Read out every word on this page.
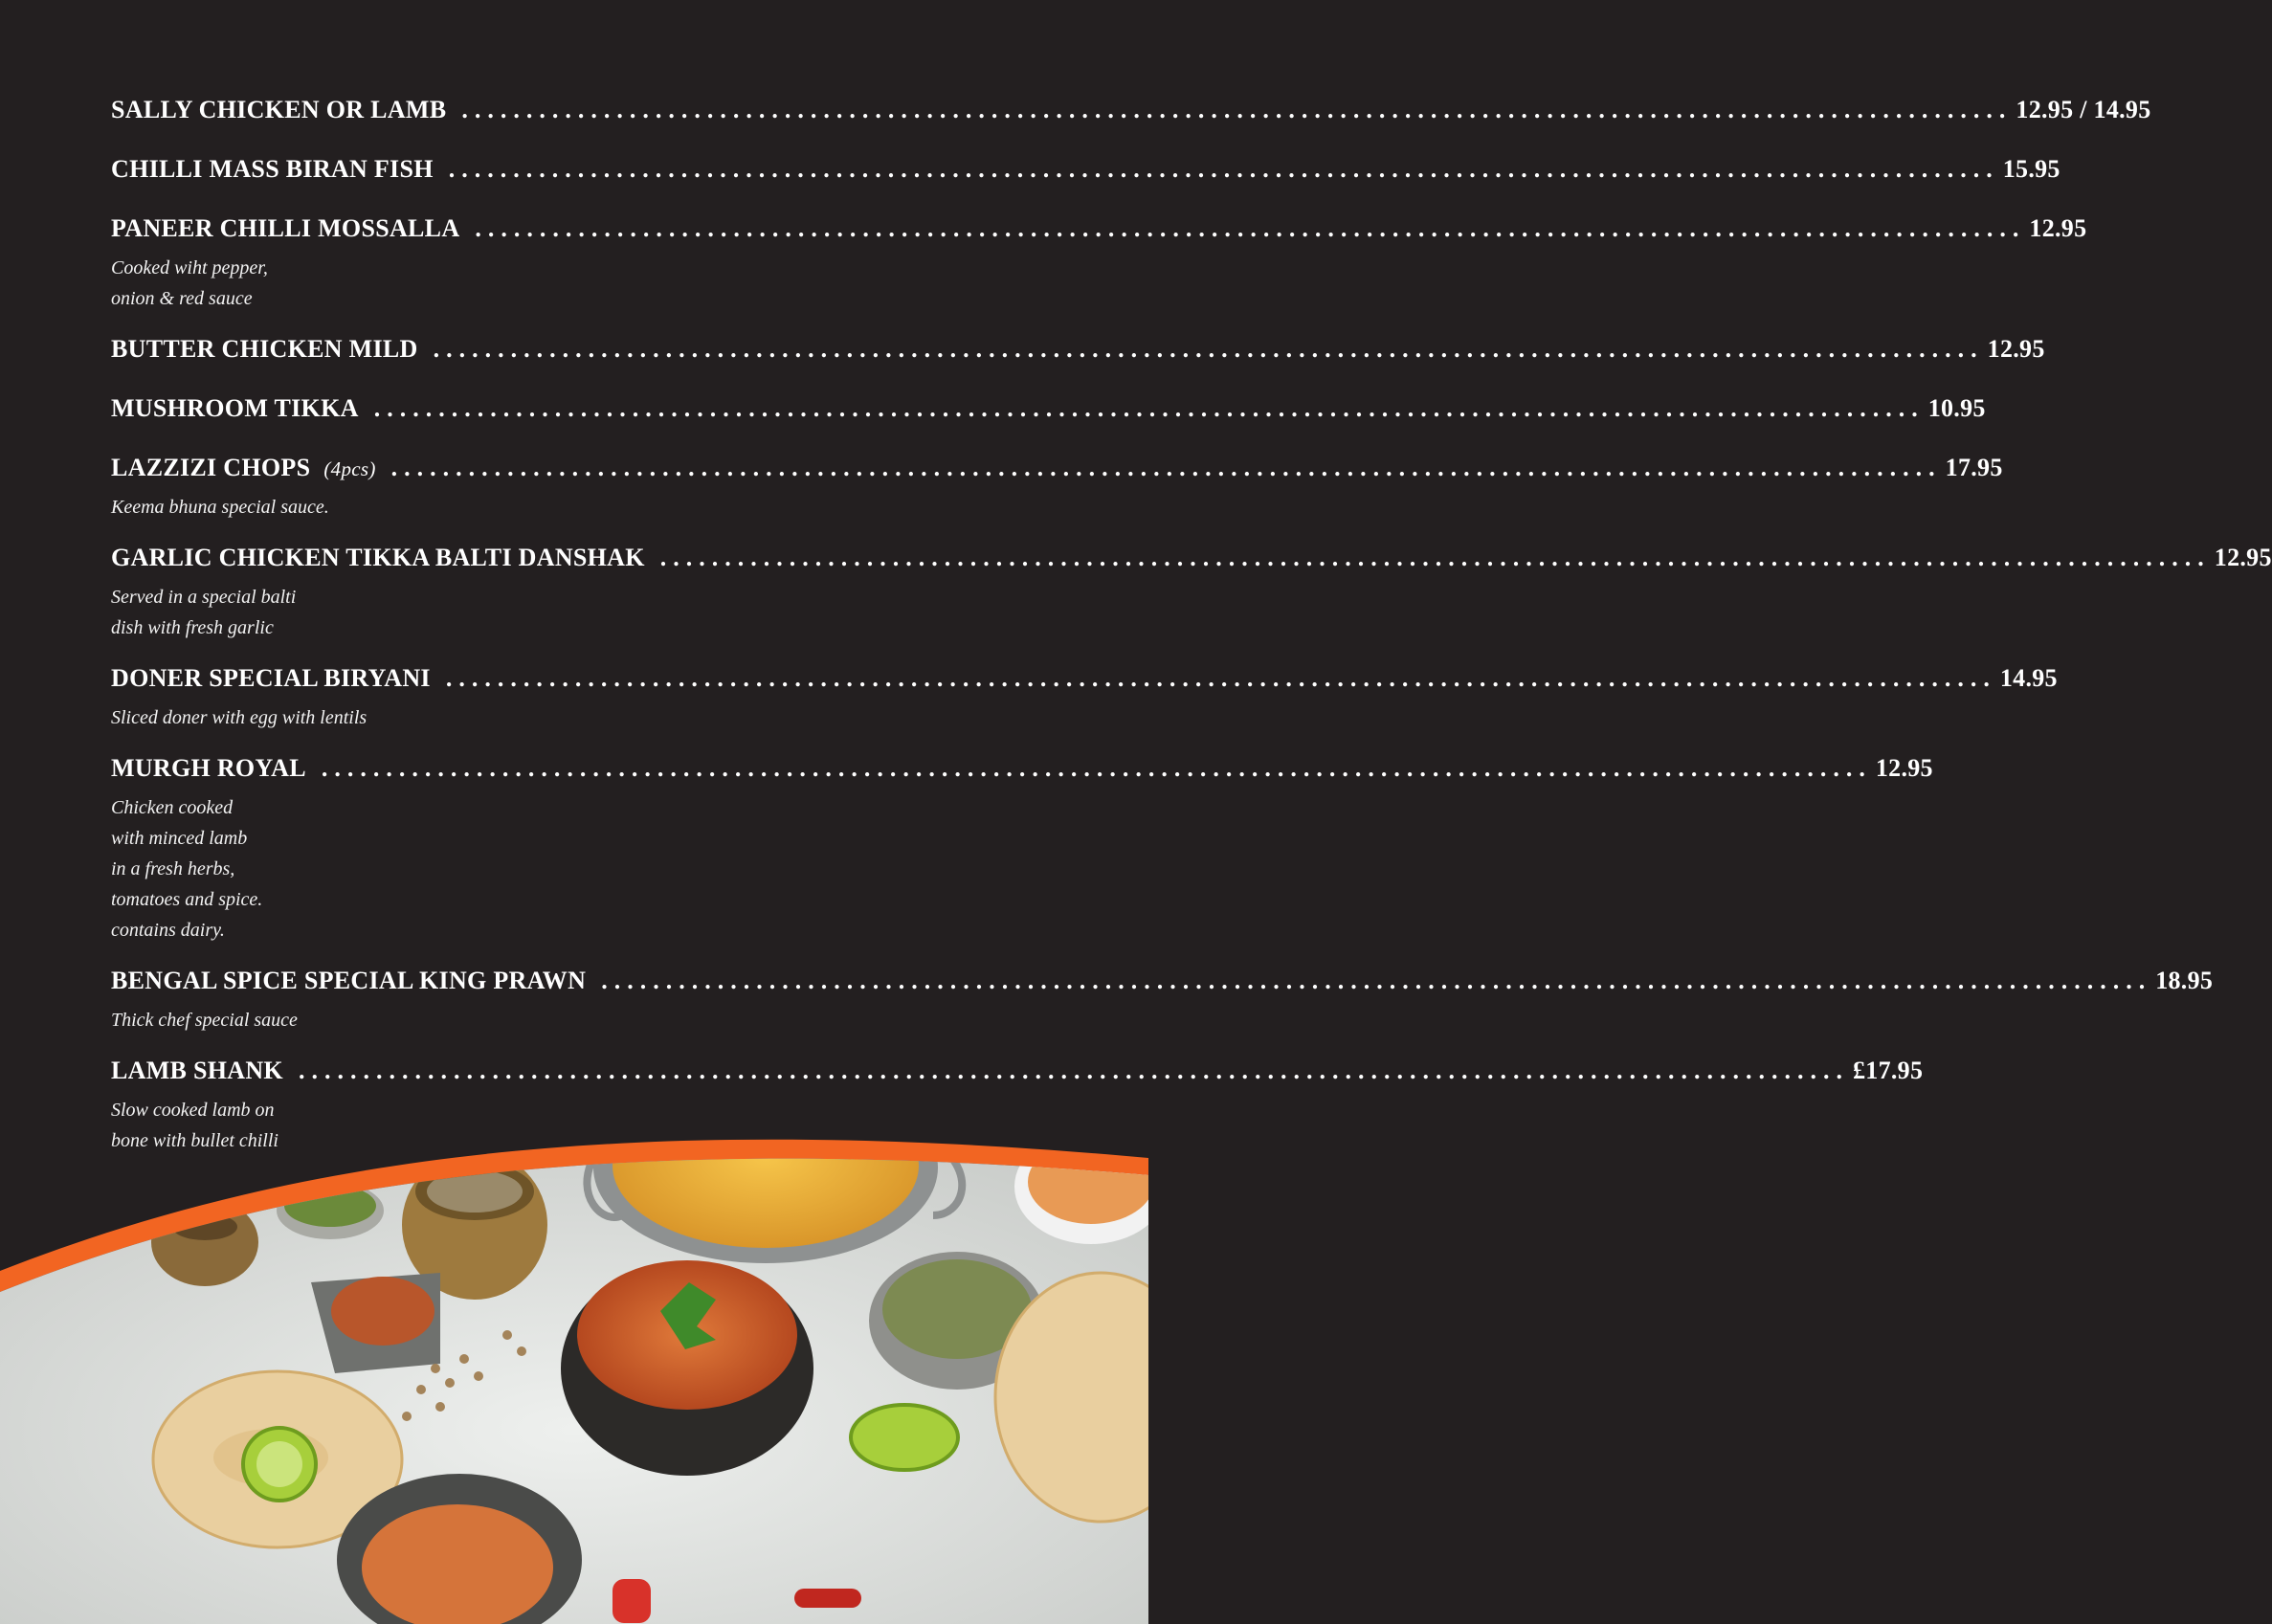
SALLY CHICKEN OR LAMB ........................................................................................................................ 12.95 / 14.95
CHILLI MASS BIRAN FISH ........................................................................................................................ 15.95
PANEER CHILLI MOSSALLA ........................................................................................................................ 12.95
Cooked wiht pepper,
onion & red sauce
BUTTER CHICKEN MILD ........................................................................................................................ 12.95
MUSHROOM TIKKA ........................................................................................................................ 10.95
LAZZIZI CHOPS (4pcs) ........................................................................................................................ 17.95
Keema bhuna special sauce.
GARLIC CHICKEN TIKKA BALTI DANSHAK ........................................................................................................................ 12.95
Served in a special balti
dish with fresh garlic
DONER SPECIAL BIRYANI ........................................................................................................................ 14.95
Sliced doner with egg with lentils
MURGH ROYAL ........................................................................................................................ 12.95
Chicken cooked
with minced lamb
in a fresh herbs,
tomatoes and spice.
contains dairy.
BENGAL SPICE SPECIAL KING PRAWN ........................................................................................................................ 18.95
Thick chef special sauce
LAMB SHANK ........................................................................................................................ £17.95
Slow cooked lamb on
bone with bullet chilli
